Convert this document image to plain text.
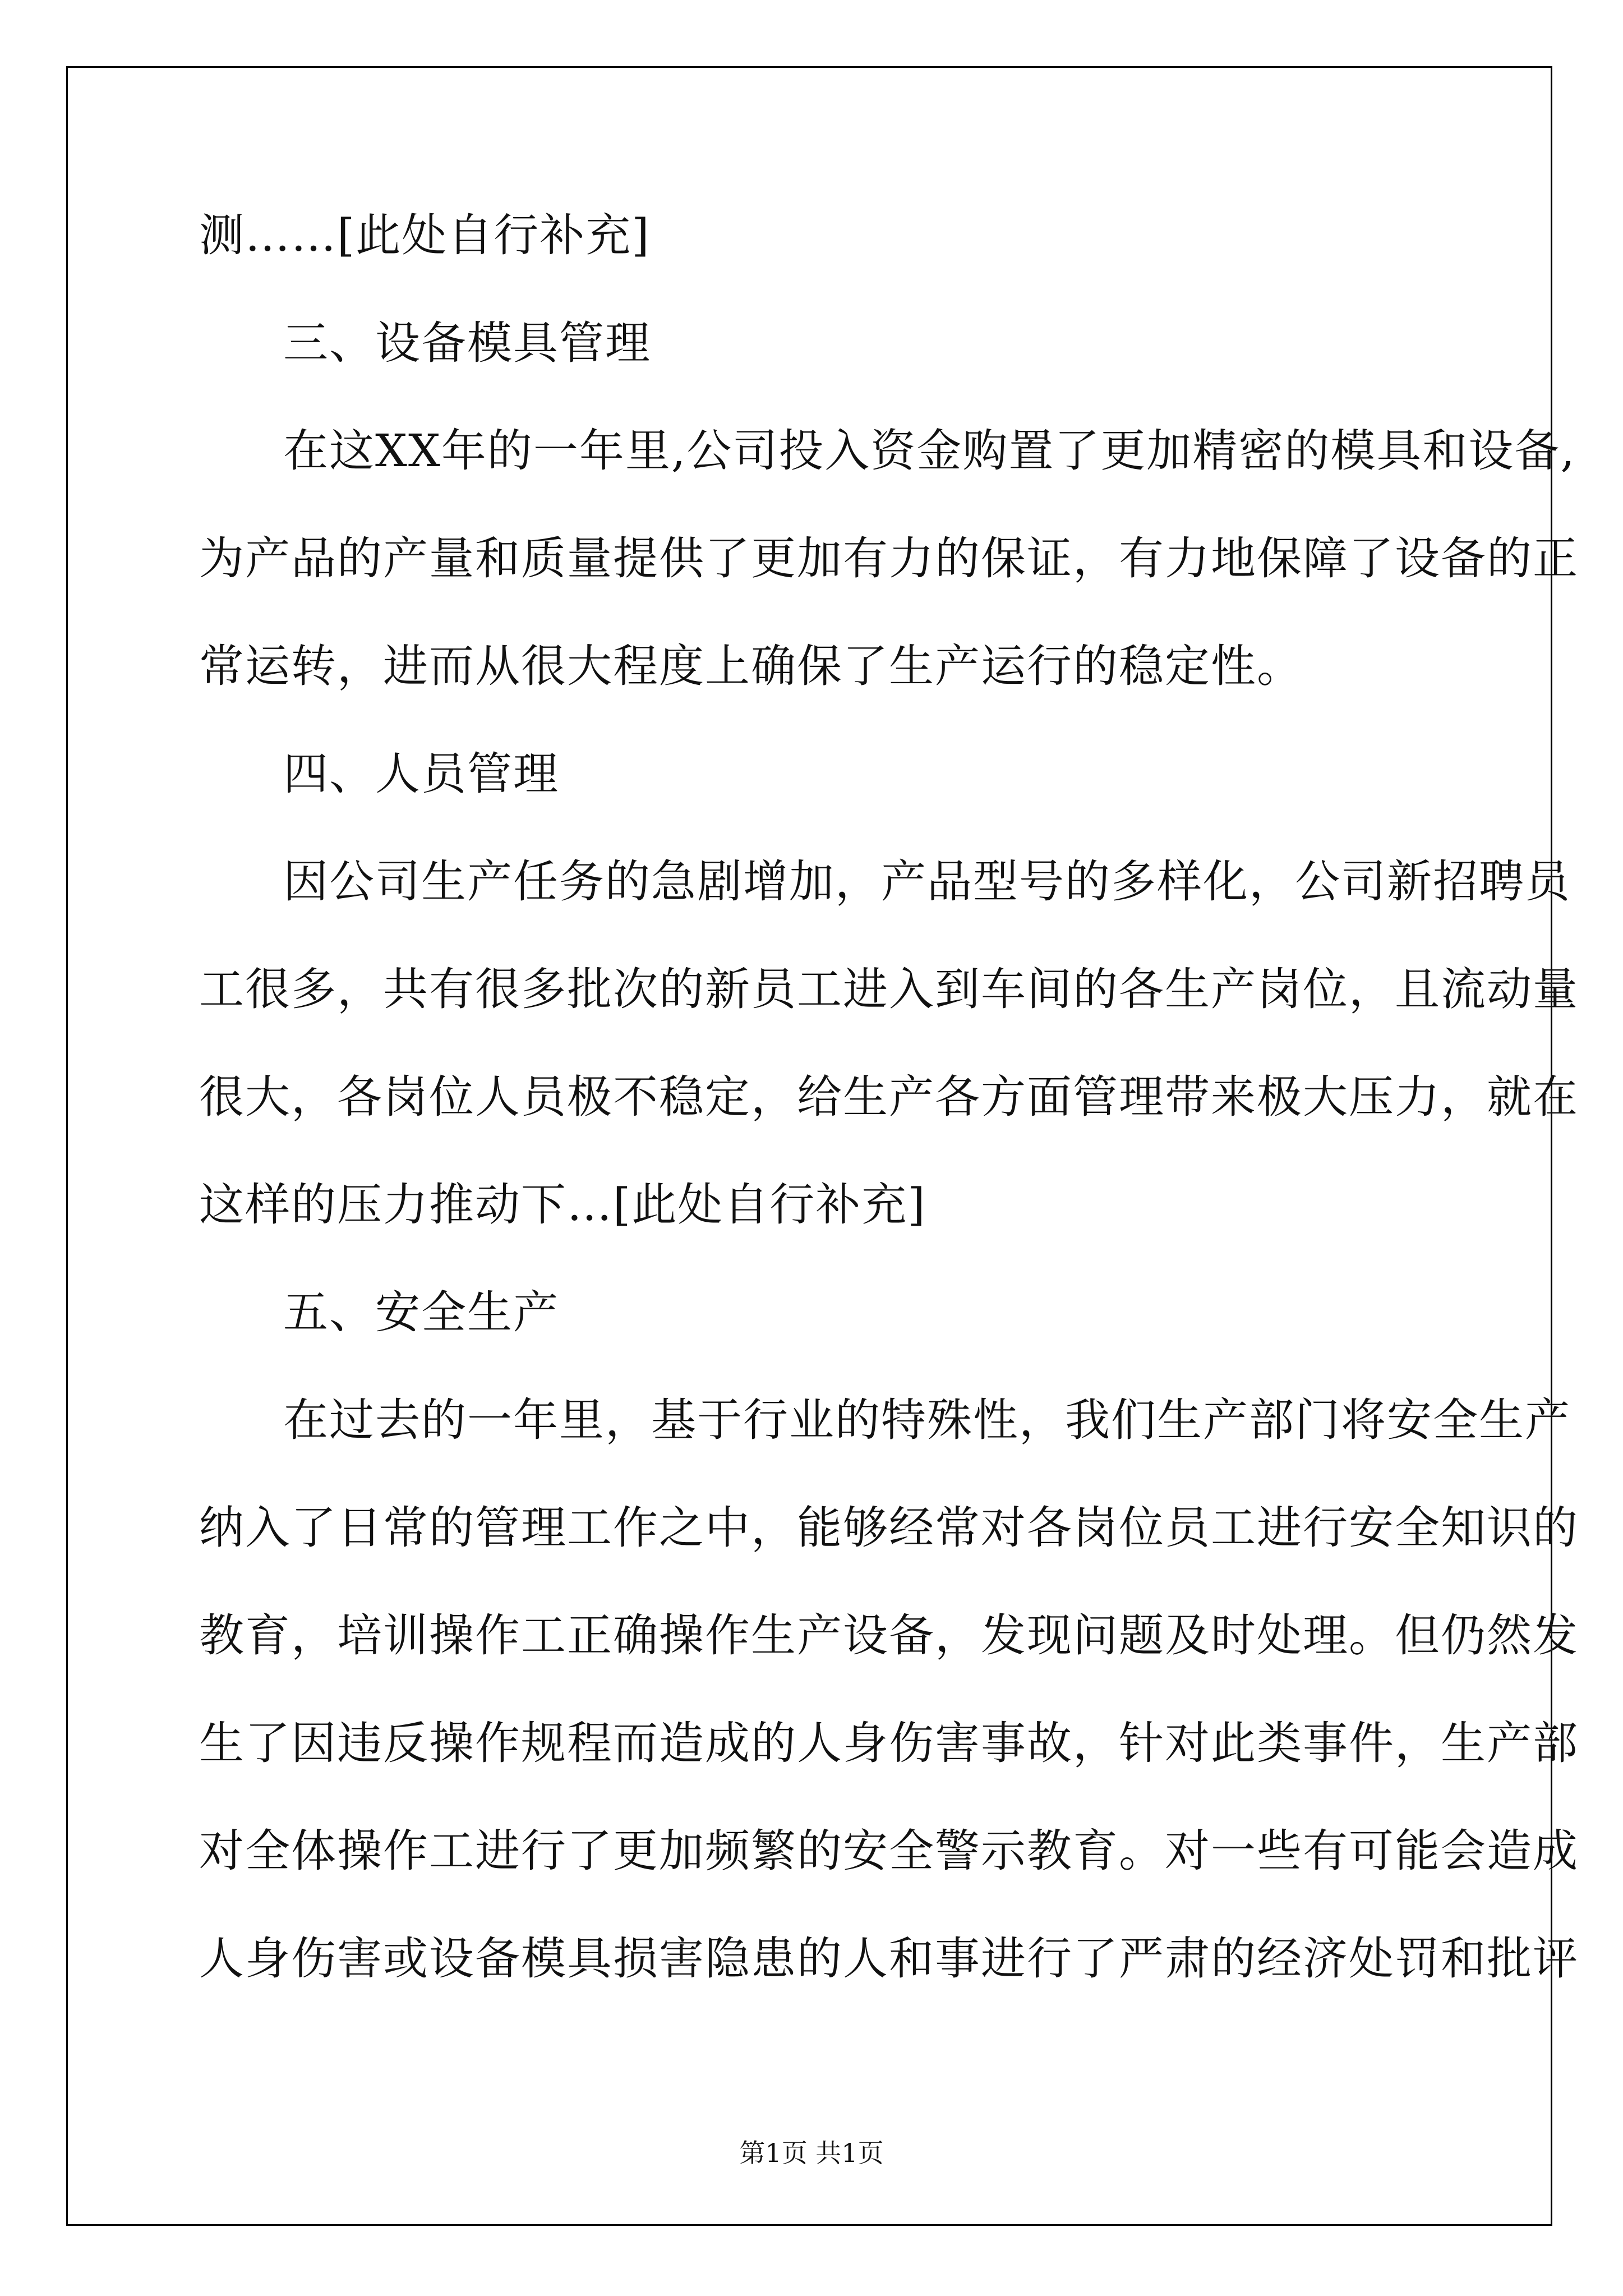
测……[此处自行补充]
三、设备模具管理
在这XX年的一年里,公司投入资金购置了更加精密的模具和设备,
为产品的产量和质量提供了更加有力的保证，有力地保障了设备的正
常运转，进而从很大程度上确保了生产运行的稳定性。
四、人员管理
因公司生产任务的急剧增加，产品型号的多样化，公司新招聘员
工很多，共有很多批次的新员工进入到车间的各生产岗位，且流动量
很大，各岗位人员极不稳定，给生产各方面管理带来极大压力，就在
这样的压力推动下…[此处自行补充]
五、安全生产
在过去的一年里，基于行业的特殊性，我们生产部门将安全生产
纳入了日常的管理工作之中，能够经常对各岗位员工进行安全知识的
教育，培训操作工正确操作生产设备，发现问题及时处理。但仍然发
生了因违反操作规程而造成的人身伤害事故，针对此类事件，生产部
对全体操作工进行了更加频繁的安全警示教育。对一些有可能会造成
人身伤害或设备模具损害隐患的人和事进行了严肃的经济处罚和批评
第1页 共1页
